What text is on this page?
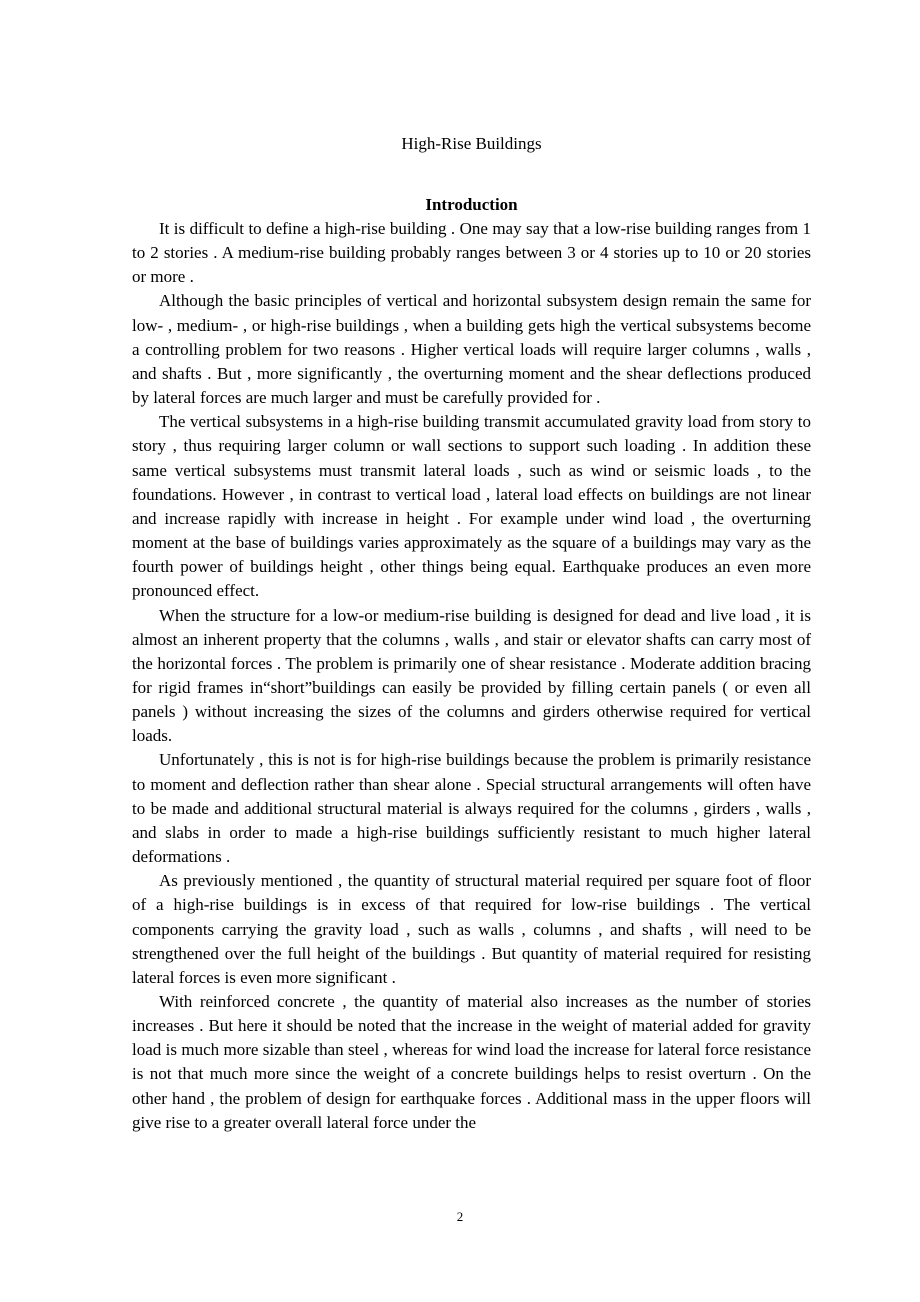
High-Rise Buildings
Introduction

It is difficult to define a high-rise building . One may say that a low-rise building ranges from 1 to 2 stories . A medium-rise building probably ranges between 3 or 4 stories up to 10 or 20 stories or more .

Although the basic principles of vertical and horizontal subsystem design remain the same for low- , medium- , or high-rise buildings , when a building gets high the vertical subsystems become a controlling problem for two reasons . Higher vertical loads will require larger columns , walls , and shafts . But , more significantly , the overturning moment and the shear deflections produced by lateral forces are much larger and must be carefully provided for .

The vertical subsystems in a high-rise building transmit accumulated gravity load from story to story , thus requiring larger column or wall sections to support such loading . In addition these same vertical subsystems must transmit lateral loads , such as wind or seismic loads , to the foundations. However , in contrast to vertical load , lateral load effects on buildings are not linear and increase rapidly with increase in height . For example under wind load , the overturning moment at the base of buildings varies approximately as the square of a buildings may vary as the fourth power of buildings height , other things being equal. Earthquake produces an even more pronounced effect.

When the structure for a low-or medium-rise building is designed for dead and live load , it is almost an inherent property that the columns , walls , and stair or elevator shafts can carry most of the horizontal forces . The problem is primarily one of shear resistance . Moderate addition bracing for rigid frames in“short”buildings can easily be provided by filling certain panels ( or even all panels ) without increasing the sizes of the columns and girders otherwise required for vertical loads.

Unfortunately , this is not is for high-rise buildings because the problem is primarily resistance to moment and deflection rather than shear alone . Special structural arrangements will often have to be made and additional structural material is always required for the columns , girders , walls , and slabs in order to made a high-rise buildings sufficiently resistant to much higher lateral deformations .

As previously mentioned , the quantity of structural material required per square foot of floor of a high-rise buildings is in excess of that required for low-rise buildings . The vertical components carrying the gravity load , such as walls , columns , and shafts , will need to be strengthened over the full height of the buildings . But quantity of material required for resisting lateral forces is even more significant .

With reinforced concrete , the quantity of material also increases as the number of stories increases . But here it should be noted that the increase in the weight of material added for gravity load is much more sizable than steel , whereas for wind load the increase for lateral force resistance is not that much more since the weight of a concrete buildings helps to resist overturn . On the other hand , the problem of design for earthquake forces . Additional mass in the upper floors will give rise to a greater overall lateral force under the

2
